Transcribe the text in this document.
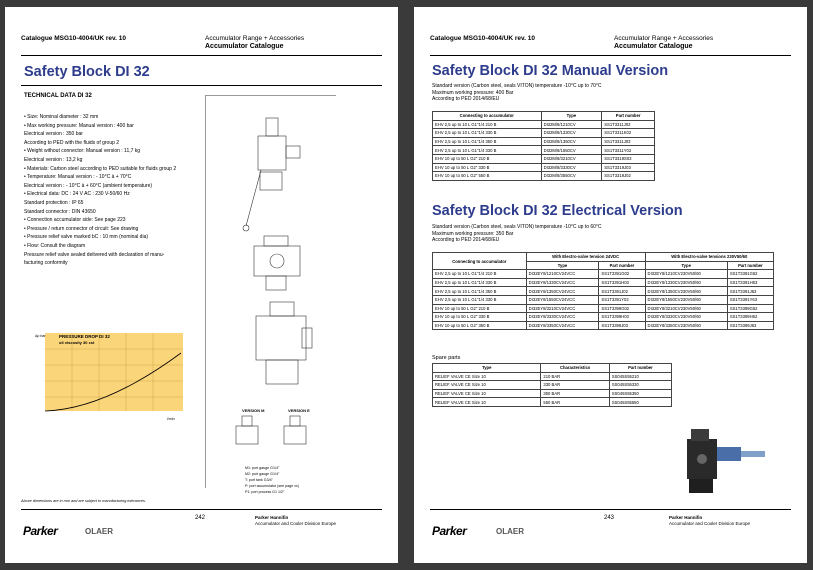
Catalogue MSG10-4004/UK rev. 10	Accumulator Range + Accessories
Accumulator Catalogue
Safety Block DI 32
TECHNICAL DATA DI 32
• Size: Nominal diameter : 32 mm
• Max working pressure: Manual version : 400 bar
Electrical version : 350 bar
According to PED with the fluids of group 2
• Weight without connector: Manual version : 11,7 kg
Electrical version : 13,2 kg
• Materials: Carbon steel according to PED suitable for fluids group 2
• Temperature: Manual version : - 10°C à + 70°C
Electrical version : - 10°C à + 60°C (ambient temperature)
• Electrical data: DC : 24 V AC : 230 V-50/60 Hz
Standard protection : IP 65
Standard connector : DIN 43650
• Connection accumulator side: See page 223
• Pressure / return connector of circuit: See drawing
• Pressure relief valve marked bC : 10 mm (nominal dia)
• Flow: Consult the diagram
Pressure relief valve sealed delivered with declaration of manu-
facturing conformity
PRESSURE DROP DI 32
oil viscosity 30 cst
Δp bar
l/min
VERSION M	VERSION E
M1: port gauge G1/4"
M2: port gauge G1/4"
T: port tank G3/4"
P: port accumulator (see page xx)
P1: port process G1 1/2"
Above dimensions are in mm and are subject to manufacturing tolerances.
Parker	OLAER
242	Parker Hannifin
Accumulator and Cooler Division Europe
Catalogue MSG10-4004/UK rev. 10	Accumulator Range + Accessories
Accumulator Catalogue
Safety Block DI 32 Manual Version
Standard version (Carbon steel, seals VITON) temperature -10°C up to 70°C
Maximum working pressure: 400 Bar
According to PED 2014/68/EU
Connecting to accumulator	Type	Part number
EHV 2,5 up to 10 L G1"1/4 210 B	DI32M/8/1210CV	SS1T3311J02
EHV 2,5 up to 10 L G1"1/4 330 B	DI32M/8/1330CV	SS1T3311K02
EHV 2,5 up to 10 L G1"1/4 350 B	DI32M/8/1350CV	SS1T3311J03
EHV 2,5 up to 10 L G1"1/4 330 B	DI32M/8/1550CV	SS1T3311Y02
EHV 10 up to 50 L G2" 210 B	DI32M/8/3210CV	SS1T3319S03
EHV 10 up to 50 L G2" 330 B	DI32M/8/3330CV	SS1T3319J03
EHV 10 up to 50 L G2" 550 B	DI32M/8/3550CV	SS1T3319J02
Safety Block DI 32 Electrical Version
Standard version (Carbon steel, seals VITON) temperature -10°C up to 60°C
Maximum working pressure: 350 Bar
According to PED 2014/68/EU
Connecting to accumulator	With Electro-valve tension 24VDC		With Electro-valve tensions 230V50/60	
	Type	Part number	Type	Part number
EHV 2,5 up to 10 L G1"1/4 210 B	DI32EY8/1210CV24VCC	SS1T3391G02	DI32EY8/1210CV230V50/60	SS1T3391G62
EHV 2,5 up to 10 L G1"1/4 330 B	DI32EY8/1330CV24VCC	SS1T3391H03	DI32EY8/1330CV230V50/60	SS1T3391H63
EHV 2,5 up to 10 L G1"1/4 350 B	DI32EY8/1350CV24VCC	SS1T3391J02	DI32EY8/1350CV230V50/60	SS1T3391J63
EHV 2,5 up to 10 L G1"1/4 330 B	DI32EY8/1550CV24VCC	SS1T3391Y02	DI32EY8/1550CV230V50/60	SS1T3391Y63
EHV 10 up to 50 L G2" 210 B	DI32EY8/3210CV24VCC	SS1T3399G02	DI32EY8/3210CV230V50/60	SS1T3399G62
EHV 10 up to 50 L G2" 330 B	DI32EY8/3330CV24VCC	SS1T3399H03	DI32EY8/3330CV230V50/60	SS1T3399H62
EHV 10 up to 50 L G2" 350 B	DI32EY8/3350CV24VCC	SS1T3399J03	DI32EY8/3350CV230V50/60	SS1T3399J63
Spare parts
Type	Characteristics	Part number
RELIEF VALVE CE Size 10	210 BAR	SS045S55210
RELIEF VALVE CE Size 10	330 BAR	SS045S55330
RELIEF VALVE CE Size 10	350 BAR	SS045S55350
RELIEF VALVE CE Size 10	550 BAR	SS045S55550
Parker	OLAER
243	Parker Hannifin
Accumulator and Cooler Division Europe
